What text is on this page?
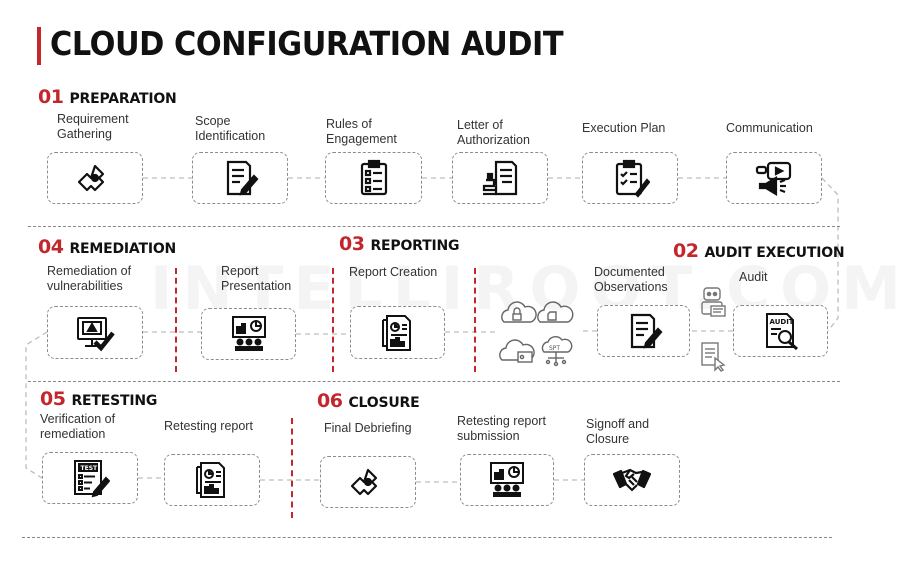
CLOUD CONFIGURATION AUDIT
01 PREPARATION
02 AUDIT EXECUTION
03 REPORTING
04 REMEDIATION
05 RETESTING	06 CLOSURE
Requirement
Gathering
Scope
Identification
Rules of
Engagement
Letter of
Authorization
Execution Plan	Communication
Audit
Documented
Observations
Report Creation
Report
Presentation
Remediation of
vulnerabilities
Verification of
remediation
Retesting report	Final Debriefing	Retesting report
submission
Signoff and
Closure
AUDIT
TEST
SPT
